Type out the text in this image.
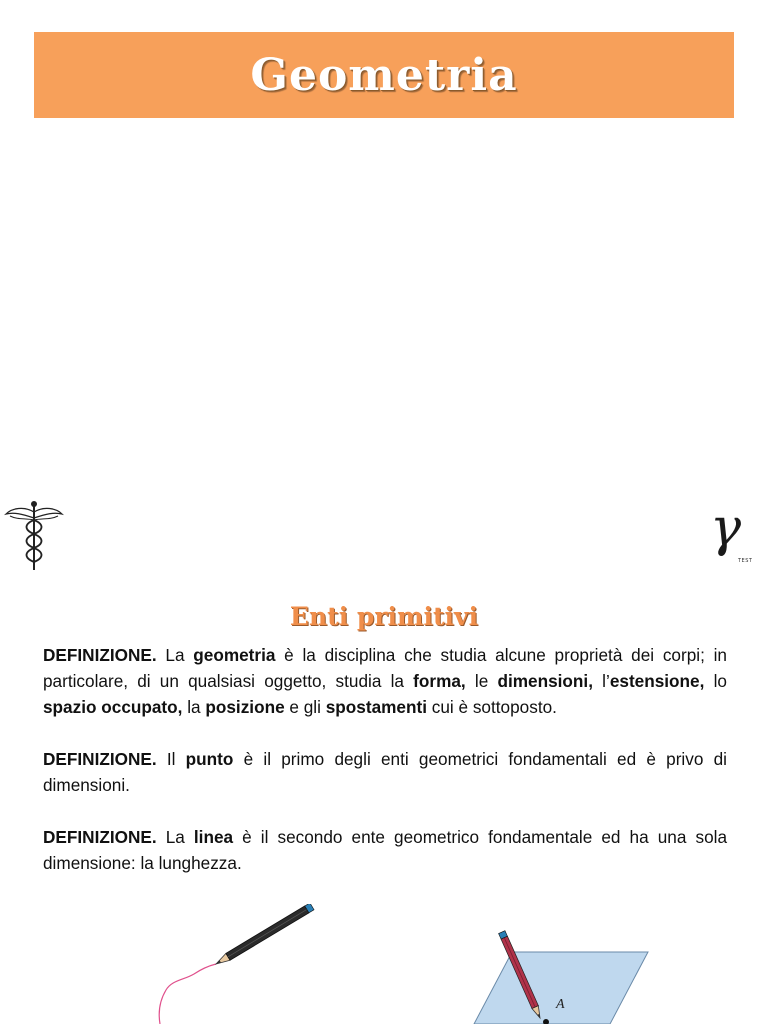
Geometria
γ
TEST
Enti primitivi

DEFINIZIONE. La geometria è la disciplina che studia alcune proprietà dei corpi; in particolare, di un qualsiasi oggetto, studia la forma, le dimensioni, l’estensione, lo spazio occupato, la posizione e gli spostamenti cui è sottoposto.

DEFINIZIONE. Il punto è il primo degli enti geometrici fondamentali ed è privo di dimensioni.

DEFINIZIONE. La linea è il secondo ente geometrico fondamentale ed ha una sola dimensione: la lunghezza.

A
